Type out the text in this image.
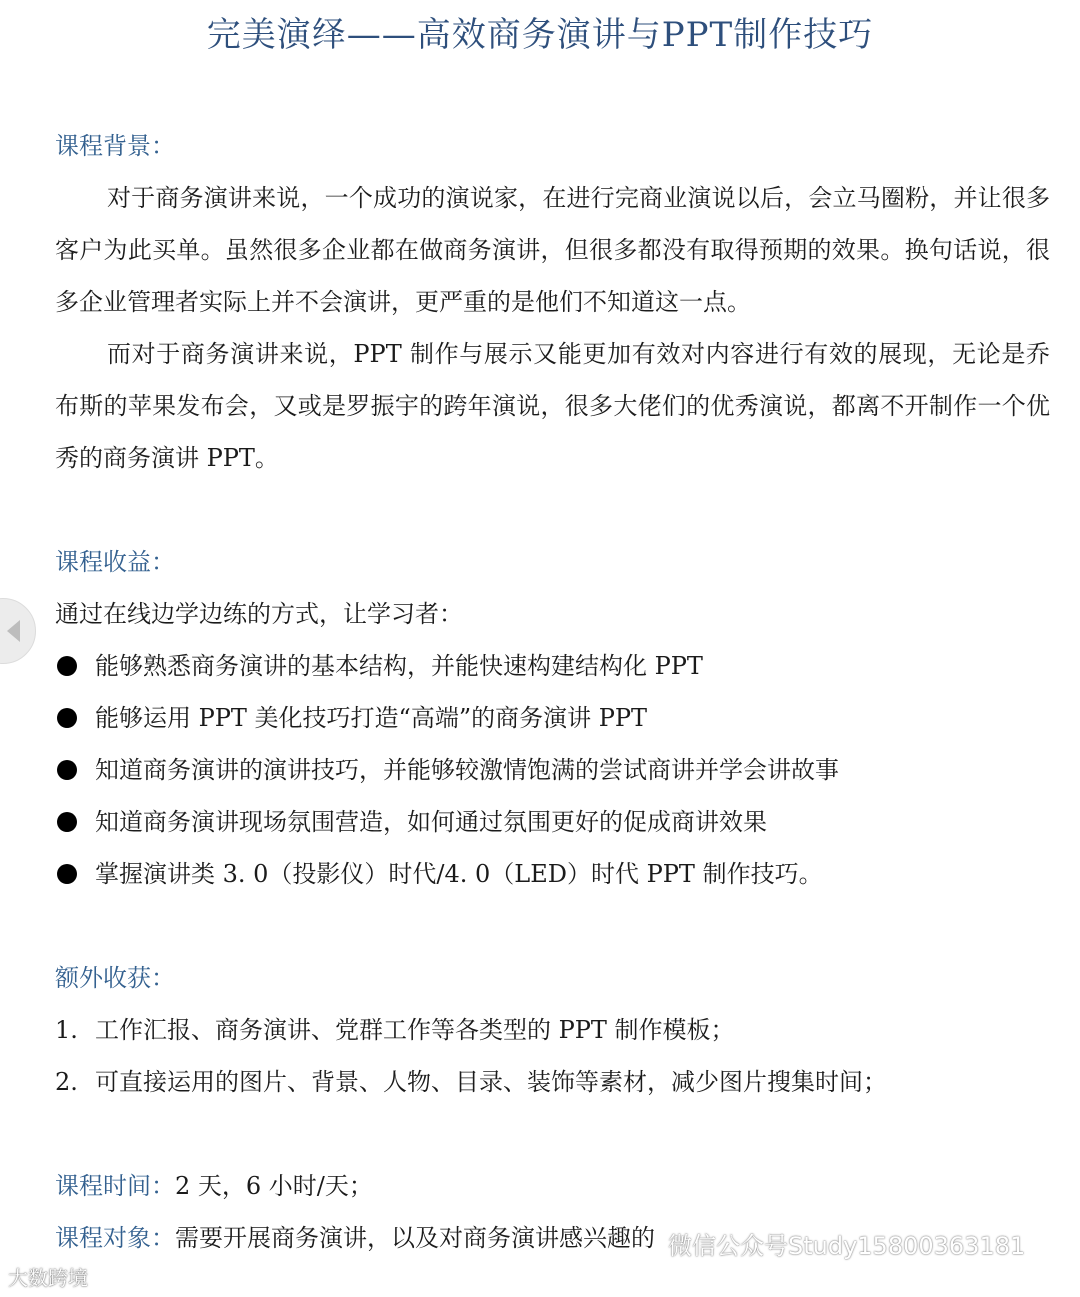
完美演绎——高效商务演讲与PPT制作技巧
课程背景：
对于商务演讲来说，一个成功的演说家，在进行完商业演说以后，会立马圈粉，并让很多客户为此买单。虽然很多企业都在做商务演讲，但很多都没有取得预期的效果。换句话说，很多企业管理者实际上并不会演讲，更严重的是他们不知道这一点。
而对于商务演讲来说，PPT 制作与展示又能更加有效对内容进行有效的展现，无论是乔布斯的苹果发布会，又或是罗振宇的跨年演说，很多大佬们的优秀演说，都离不开制作一个优秀的商务演讲 PPT。
课程收益：
通过在线边学边练的方式，让学习者：
能够熟悉商务演讲的基本结构，并能快速构建结构化 PPT
能够运用 PPT 美化技巧打造“高端”的商务演讲 PPT
知道商务演讲的演讲技巧，并能够较激情饱满的尝试商讲并学会讲故事
知道商务演讲现场氛围营造，如何通过氛围更好的促成商讲效果
掌握演讲类 3. 0（投影仪）时代/4. 0（LED）时代 PPT 制作技巧。
额外收获：
1. 工作汇报、商务演讲、党群工作等各类型的 PPT 制作模板；
2. 可直接运用的图片、背景、人物、目录、装饰等素材，减少图片搜集时间；
课程时间：2 天，6 小时/天；
课程对象：需要开展商务演讲，以及对商务演讲感兴趣的
大数跨境
微信公众号Study15800363181
